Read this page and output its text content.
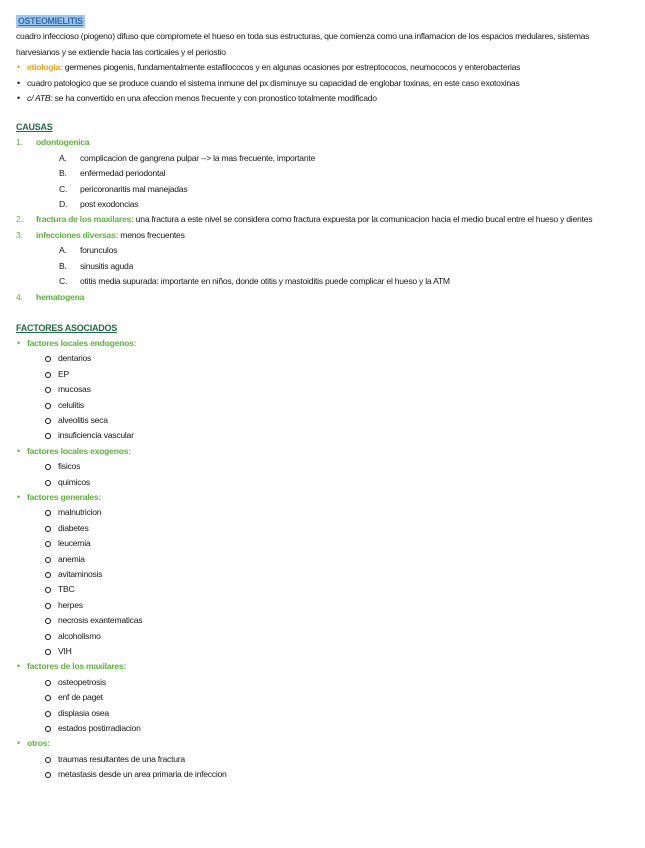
OSTEOMIELITIS

cuadro infeccioso (piogeno) difuso que compromete el hueso en toda sus estructuras, que comienza como una inflamacion de los espacios medulares, sistemas harvesianos y se extiende hacia las corticales y el periostio

• etiologia: germenes piogenis, fundamentalmente estafilococos y en algunas ocasiones por estreptococos, neumococos y enterobacterias
• cuadro patologico que se produce cuando el sistema inmune del px disminuye su capacidad de englobar toxinas, en este caso exotoxinas
• c/ ATB: se ha convertido en una afeccion menos frecuente y con pronostico totalmente modificado
CAUSAS
1. odontogenica
A. complicacion de gangrena pulpar --> la mas frecuente, importante
B. enfermedad periodontal
C. pericoronaritis mal manejadas
D. post exodoncias
2. fractura de los maxilares: una fractura a este nivel se considera como fractura expuesta por la comunicacion hacia el medio bucal entre el hueso y dientes
3. infecciones diversas: menos frecuentes
A. forunculos
B. sinusitis aguda
C. otitis media supurada: importante en niños, donde otitis y mastoiditis puede complicar el hueso y la ATM
4. hematogena
FACTORES ASOCIADOS
• factores locales endogenos:
dentarios
EP
mucosas
celulitis
alveolitis seca
insuficiencia vascular
• factores locales exogenos:
fisicos
quimicos
• factores generales:
malnutricion
diabetes
leucemia
anemia
avitaminosis
TBC
herpes
necrosis exantematicas
alcoholismo
VIH
• factores de los maxilares:
osteopetrosis
enf de paget
displasia osea
estados postirradiacion
• otros:
traumas resultantes de una fractura
metastasis desde un area primaria de infeccion
